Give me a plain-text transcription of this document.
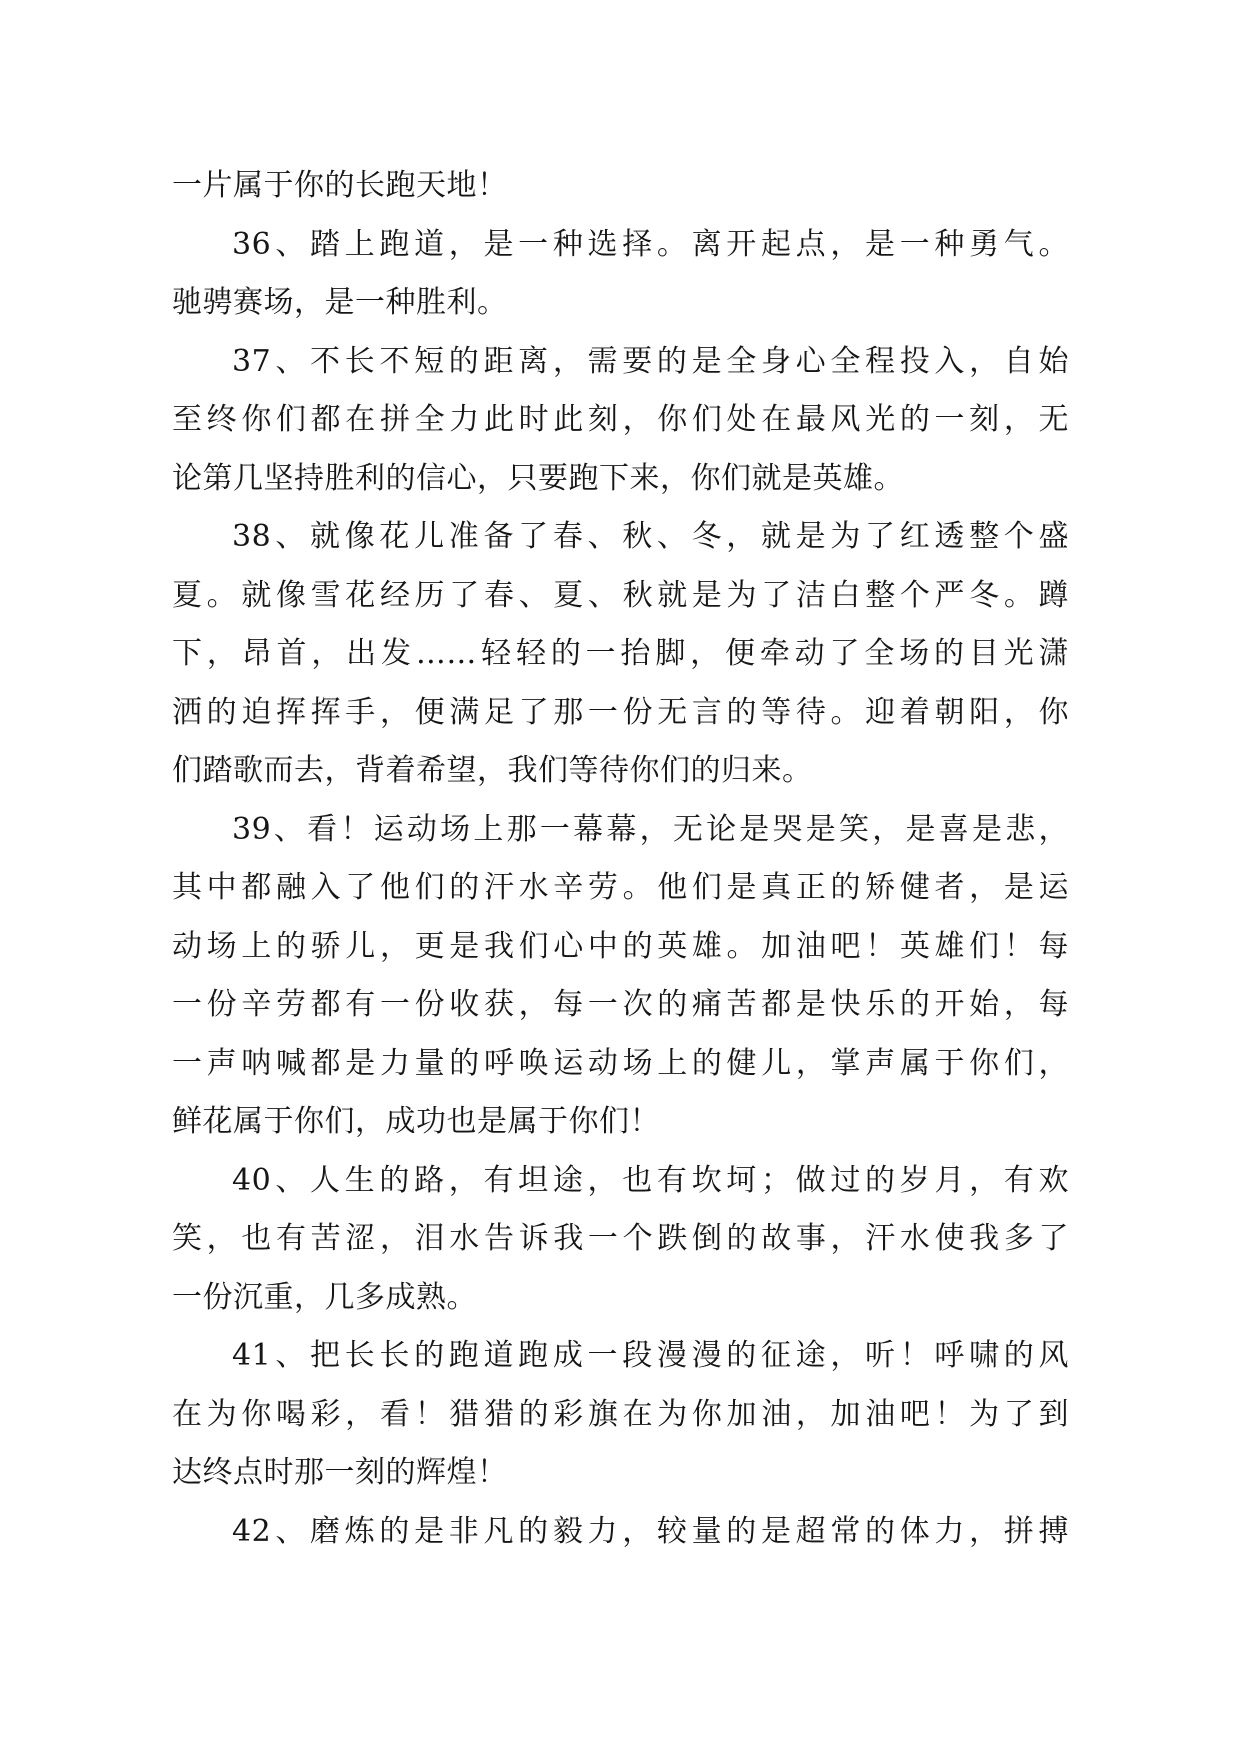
一片属于你的长跑天地！
36、踏上跑道，是一种选择。离开起点，是一种勇气。
驰骋赛场，是一种胜利。
37、不长不短的距离，需要的是全身心全程投入，自始
至终你们都在拼全力此时此刻，你们处在最风光的一刻，无
论第几坚持胜利的信心，只要跑下来，你们就是英雄。
38、就像花儿准备了春、秋、冬，就是为了红透整个盛
夏。就像雪花经历了春、夏、秋就是为了洁白整个严冬。蹲
下，昂首，出发……轻轻的一抬脚，便牵动了全场的目光潇
洒的迫挥挥手，便满足了那一份无言的等待。迎着朝阳，你
们踏歌而去，背着希望，我们等待你们的归来。
39、看！运动场上那一幕幕，无论是哭是笑，是喜是悲，
其中都融入了他们的汗水辛劳。他们是真正的矫健者，是运
动场上的骄儿，更是我们心中的英雄。加油吧！英雄们！每
一份辛劳都有一份收获，每一次的痛苦都是快乐的开始，每
一声呐喊都是力量的呼唤运动场上的健儿，掌声属于你们，
鲜花属于你们，成功也是属于你们！
40、人生的路，有坦途，也有坎坷；做过的岁月，有欢
笑，也有苦涩，泪水告诉我一个跌倒的故事，汗水使我多了
一份沉重，几多成熟。
41、把长长的跑道跑成一段漫漫的征途，听！呼啸的风
在为你喝彩，看！猎猎的彩旗在为你加油，加油吧！为了到
达终点时那一刻的辉煌！
42、磨炼的是非凡的毅力，较量的是超常的体力，拼搏
